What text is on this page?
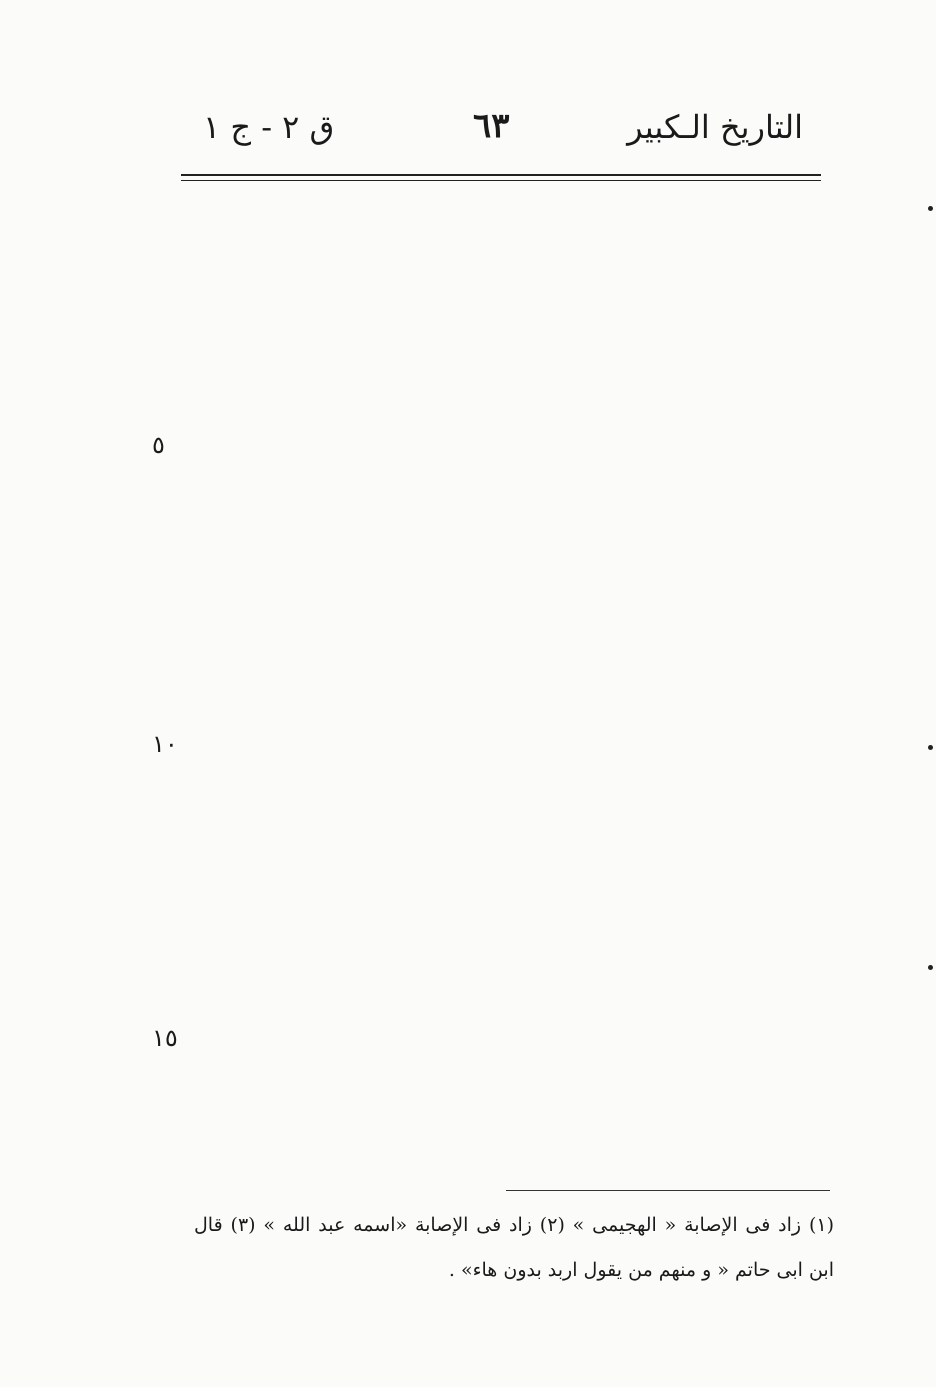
التاريخ الـكبير
٦٣
ق ٢ - ج ١
٥
١٠
١٥
(١) زاد فى الإصابة « الهجيمى » (٢) زاد فى الإصابة «اسمه عبد الله » (٣) قال
ابن ابى حاتم « و منهم من يقول اربد بدون هاء» .
